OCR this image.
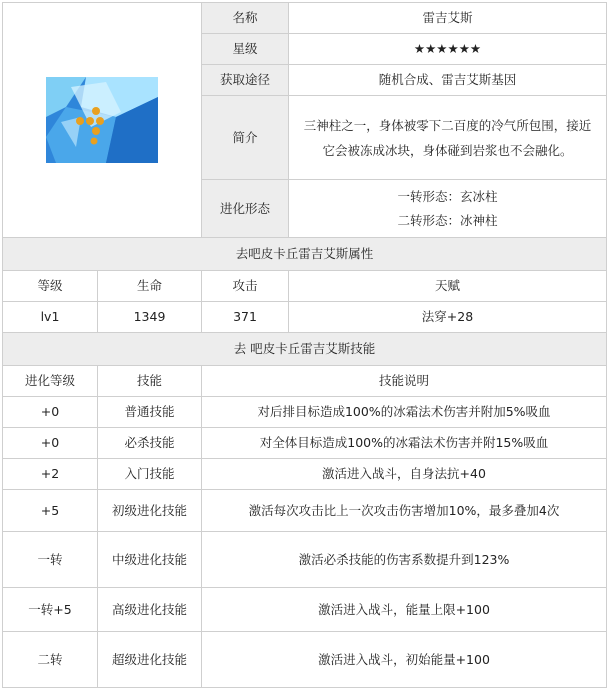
	名称	雷吉艾斯
		星级	★★★★★★
		获取途径	随机合成、雷吉艾斯基因
		简介	三神柱之一，身体被零下二百度的冷气所包围，接近它会被冻成冰块，身体碰到岩浆也不会融化。
		进化形态	一转形态：玄冰柱
二转形态：冰神柱

去吧皮卡丘雷吉艾斯属性			
等级	生命	攻击	天赋
lv1	1349	371	法穿+28
去 吧皮卡丘雷吉艾斯技能			
进化等级	技能	技能说明	
+0	普通技能	对后排目标造成100%的冰霜法术伤害并附加5%吸血	
+0	必杀技能	对全体目标造成100%的冰霜法术伤害并附15%吸血	
+2	入门技能	激活进入战斗，自身法抗+40	
+5	初级进化技能	激活每次攻击比上一次攻击伤害增加10%，最多叠加4次	
一转	中级进化技能	激活必杀技能的伤害系数提升到123%	
一转+5	高级进化技能	激活进入战斗，能量上限+100	
二转	超级进化技能	激活进入战斗，初始能量+100	
